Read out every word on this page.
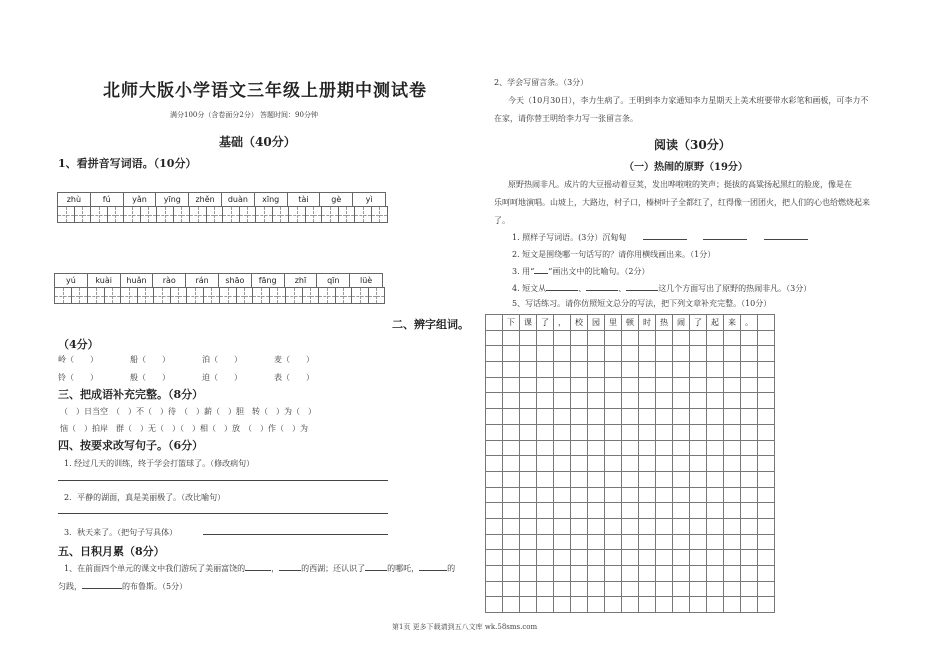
北师大版小学语文三年级上册期中测试卷
满分100分（含卷面分2分） 答题时间：90分钟
基础（40分）
1、看拼音写词语。（10分）
zhù	fú	yǎn	yīng	zhěn	duàn	xīng	tài	gè	yì
yú	kuài	huǎn	rào	rán	shāo	fāng	zhī	qīn	lüè
二、辨字组词。
（4分）
岭（　　）	船（　　）	泊（　　）	麦（　　）
铃（　　）	般（　　）	迫（　　）	表（　　）
三、把成语补充完整。（8分）
（　）日当空　（　）不（　）待　（　）薪（　）胆　转（　）为（　）
恼（　）拍岸　群（　）无（　）（　）相（　）放　（　）作（　）为
四、按要求改写句子。（6分）
1. 经过几天的训练，终于学会打篮球了。（修改病句）
2．平静的湖面，真是美丽极了。（改比喻句）
3．秋天来了。（把句子写具体）
五、日积月累（8分）
1、在前面四个单元的课文中我们游玩了美丽富饶的	，	的西湖；还认识了	的哪吒，	的
匀践，	的布鲁斯。（5分）
2、学会写留言条。（3分）
今天（10月30日），李力生病了。王明到李力家通知李力星期天上美术班要带水彩笔和画板，可李力不
在家，请你替王明给李力写一张留言条。
阅读（30分）
（一）热闹的原野（19分）
原野热闹非凡。成片的大豆摇动着豆荚，发出哗啦啦的笑声；挺拔的高粱扬起黑红的脸庞，像是在
乐呵呵地演唱。山坡上，大路边，村子口，榛树叶子全都红了，红得像一团团火，把人们的心也给燃烧起来
了。
1. 照样子写词语。(3分）沉甸甸
2. 短文是围绕哪一句话写的？请你用横线画出来。（1分）
3. 用“ ”画出文中的比喻句。（2分）
4. 短文从	、	、	这几个方面写出了原野的热闹非凡。（3分）
5、写话练习。请你仿照短文总分的写法，把下列文章补充完整。（10分）
	下	课	了	，	校	园	里	顿	时	热	闹	了	起	来	。	

第1页 更多下载请到五八文库 wk.58sms.com
